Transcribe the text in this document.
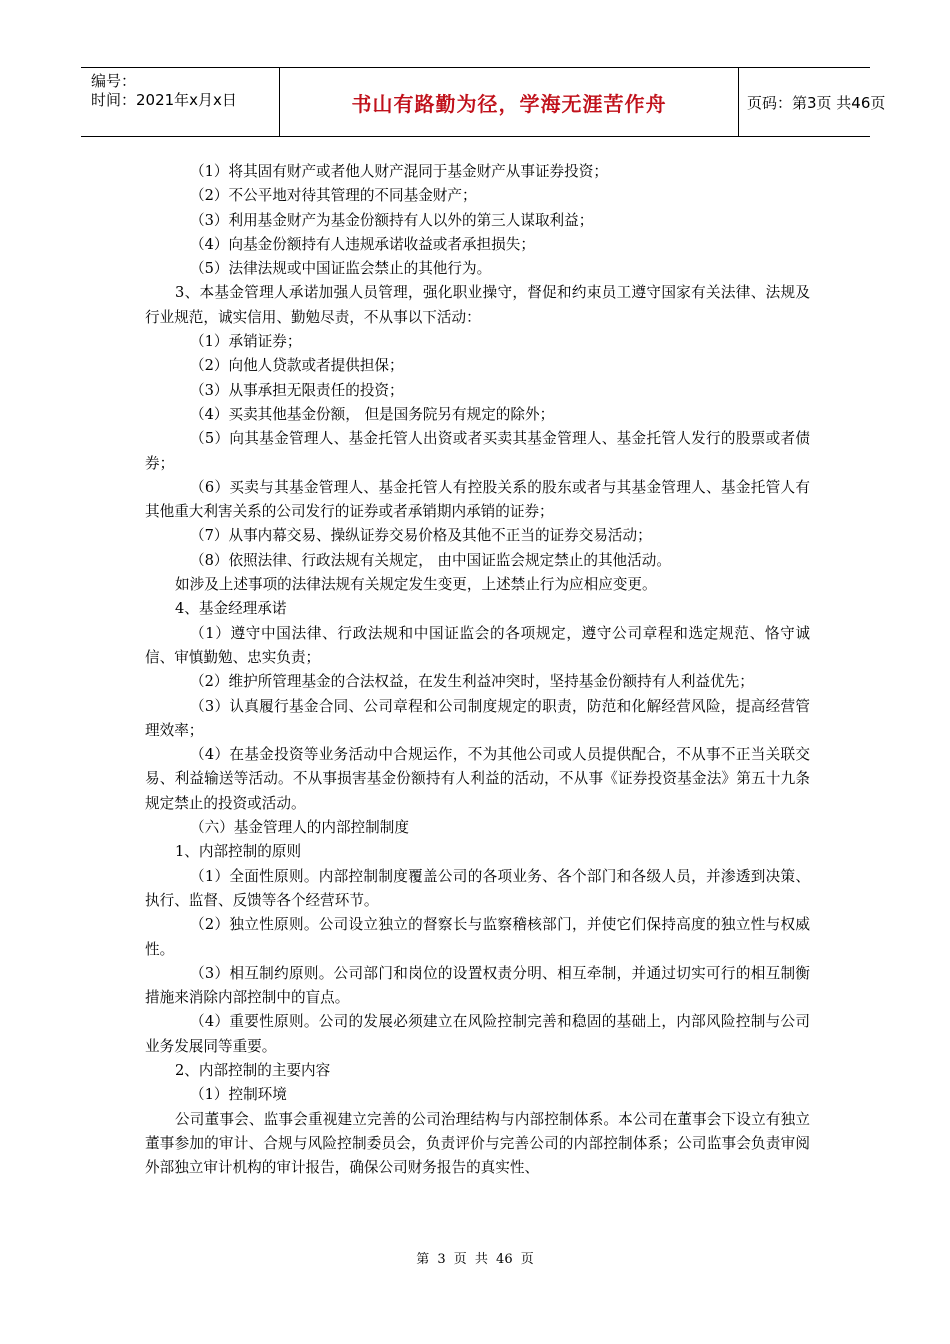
编号：
时间：2021年x月x日	书山有路勤为径，学海无涯苦作舟	页码：第3页 共46页

（1）将其固有财产或者他人财产混同于基金财产从事证券投资；

（2）不公平地对待其管理的不同基金财产；

（3）利用基金财产为基金份额持有人以外的第三人谋取利益；

（4）向基金份额持有人违规承诺收益或者承担损失；

（5）法律法规或中国证监会禁止的其他行为。

3、本基金管理人承诺加强人员管理，强化职业操守，督促和约束员工遵守国家有关法律、法规及行业规范，诚实信用、勤勉尽责，不从事以下活动：

（1）承销证券；

（2）向他人贷款或者提供担保；

（3）从事承担无限责任的投资；

（4）买卖其他基金份额， 但是国务院另有规定的除外；

（5）向其基金管理人、基金托管人出资或者买卖其基金管理人、基金托管人发行的股票或者债券；

（6）买卖与其基金管理人、基金托管人有控股关系的股东或者与其基金管理人、基金托管人有其他重大利害关系的公司发行的证券或者承销期内承销的证券；

（7）从事内幕交易、操纵证券交易价格及其他不正当的证券交易活动；

（8）依照法律、行政法规有关规定， 由中国证监会规定禁止的其他活动。

如涉及上述事项的法律法规有关规定发生变更，上述禁止行为应相应变更。

4、基金经理承诺

（1）遵守中国法律、行政法规和中国证监会的各项规定，遵守公司章程和选定规范、恪守诚信、审慎勤勉、忠实负责；

（2）维护所管理基金的合法权益，在发生利益冲突时，坚持基金份额持有人利益优先；

（3）认真履行基金合同、公司章程和公司制度规定的职责，防范和化解经营风险，提高经营管理效率；

（4）在基金投资等业务活动中合规运作，不为其他公司或人员提供配合，不从事不正当关联交易、利益输送等活动。不从事损害基金份额持有人利益的活动，不从事《证券投资基金法》第五十九条规定禁止的投资或活动。

（六）基金管理人的内部控制制度

1、内部控制的原则

（1）全面性原则。内部控制制度覆盖公司的各项业务、各个部门和各级人员，并渗透到决策、执行、监督、反馈等各个经营环节。

（2）独立性原则。公司设立独立的督察长与监察稽核部门，并使它们保持高度的独立性与权威性。

（3）相互制约原则。公司部门和岗位的设置权责分明、相互牵制，并通过切实可行的相互制衡措施来消除内部控制中的盲点。

（4）重要性原则。公司的发展必须建立在风险控制完善和稳固的基础上，内部风险控制与公司业务发展同等重要。

2、内部控制的主要内容

（1）控制环境

公司董事会、监事会重视建立完善的公司治理结构与内部控制体系。本公司在董事会下设立有独立董事参加的审计、合规与风险控制委员会，负责评价与完善公司的内部控制体系；公司监事会负责审阅外部独立审计机构的审计报告，确保公司财务报告的真实性、

第 3 页 共 46 页
